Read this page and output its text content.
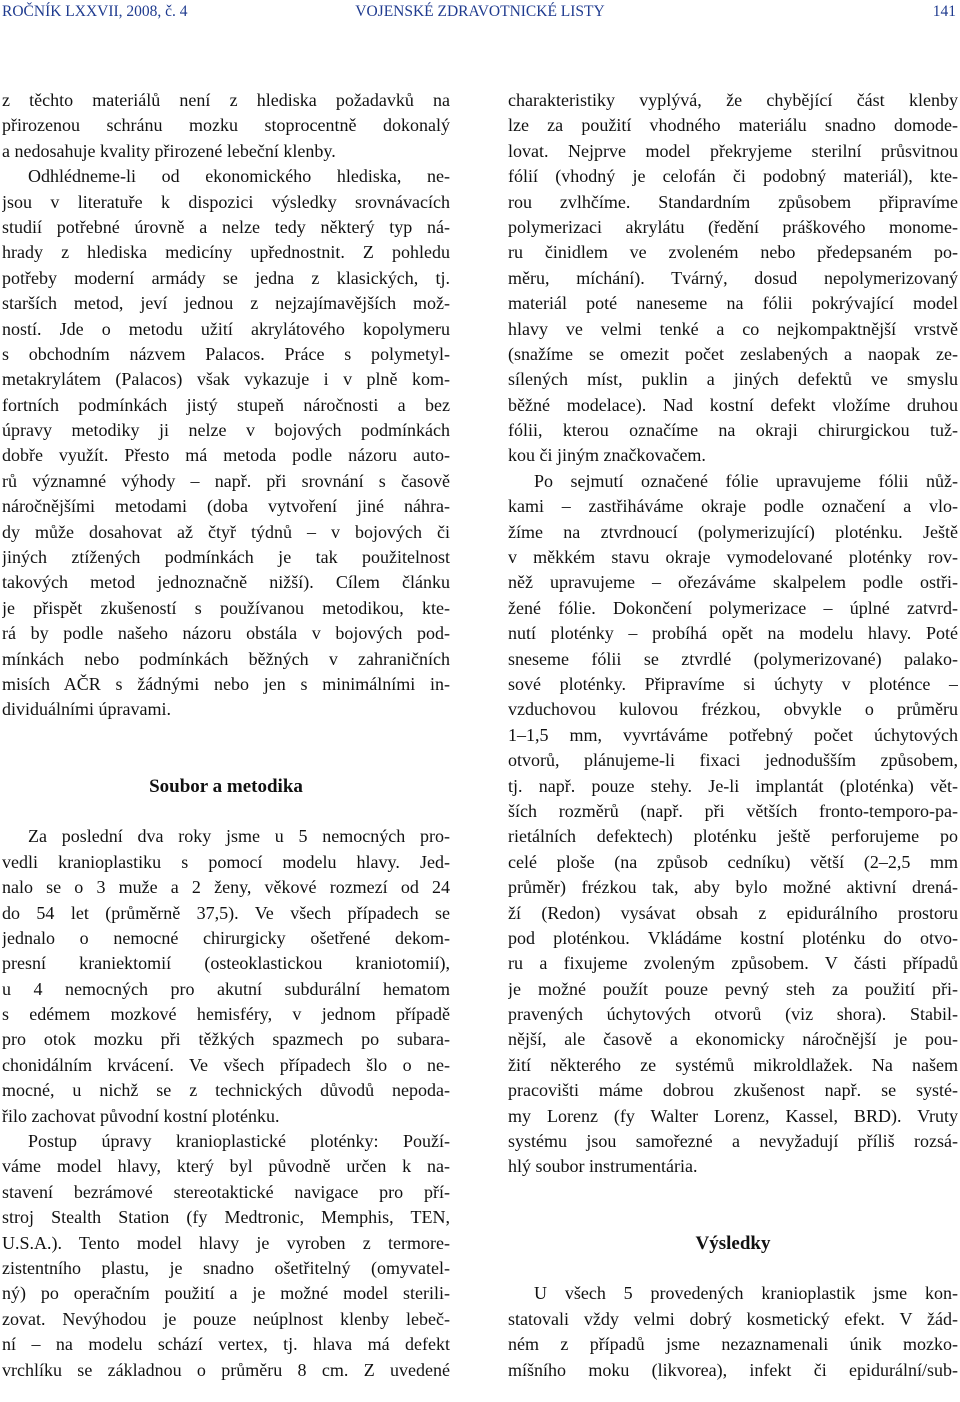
ROČNÍK LXXVII, 2008, č. 4	VOJENSKÉ ZDRAVOTNICKÉ LISTY	141
z těchto materiálů není z hlediska požadavků na
přirozenou schránu mozku stoprocentně dokonalý
a nedosahuje kvality přirozené lebeční klenby.
Odhlédneme-li od ekonomického hlediska, ne-
jsou v literatuře k dispozici výsledky srovnávacích
studií potřebné úrovně a nelze tedy některý typ ná-
hrady z hlediska medicíny upřednostnit. Z pohledu
potřeby moderní armády se jedna z klasických, tj.
starších metod, jeví jednou z nejzajímavějších mož-
ností. Jde o metodu užití akrylátového kopolymeru
s obchodním názvem Palacos. Práce s polymetyl-
metakrylátem (Palacos) však vykazuje i v plně kom-
fortních podmínkách jistý stupeň náročnosti a bez
úpravy metodiky ji nelze v bojových podmínkách
dobře využít. Přesto má metoda podle názoru auto-
rů významné výhody – např. při srovnání s časově
náročnějšími metodami (doba vytvoření jiné náhra-
dy může dosahovat až čtyř týdnů – v bojových či
jiných ztížených podmínkách je tak použitelnost
takových metod jednoznačně nižší). Cílem článku
je přispět zkušeností s používanou metodikou, kte-
rá by podle našeho názoru obstála v bojových pod-
mínkách nebo podmínkách běžných v zahraničních
misích AČR s žádnými nebo jen s minimálními in-
dividuálními úpravami.
Soubor a metodika
Za poslední dva roky jsme u 5 nemocných pro-
vedli kranioplastiku s pomocí modelu hlavy. Jed-
nalo se o 3 muže a 2 ženy, věkové rozmezí od 24
do 54 let (průměrně 37,5). Ve všech případech se
jednalo o nemocné chirurgicky ošetřené dekom-
presní kraniektomií (osteoklastickou kraniotomií),
u 4 nemocných pro akutní subdurální hematom
s edémem mozkové hemisféry, v jednom případě
pro otok mozku při těžkých spazmech po subara-
chonidálním krvácení. Ve všech případech šlo o ne-
mocné, u nichž se z technických důvodů nepoda-
řilo zachovat původní kostní ploténku.
Postup úpravy kranioplastické ploténky: Použí-
váme model hlavy, který byl původně určen k na-
stavení bezrámové stereotaktické navigace pro pří-
stroj Stealth Station (fy Medtronic, Memphis, TEN,
U.S.A.). Tento model hlavy je vyroben z termore-
zistentního plastu, je snadno ošetřitelný (omyvatel-
ný) po operačním použití a je možné model sterili-
zovat. Nevýhodou je pouze neúplnost klenby lebeč-
ní – na modelu schází vertex, tj. hlava má defekt
vrchlíku se základnou o průměru 8 cm. Z uvedené
charakteristiky vyplývá, že chybějící část klenby
lze za použití vhodného materiálu snadno domode-
lovat. Nejprve model překryjeme sterilní průsvitnou
fólií (vhodný je celofán či podobný materiál), kte-
rou zvlhčíme. Standardním způsobem připravíme
polymerizaci akrylátu (ředění práškového monome-
ru činidlem ve zvoleném nebo předepsaném po-
měru, míchání). Tvárný, dosud nepolymerizovaný
materiál poté naneseme na fólii pokrývající model
hlavy ve velmi tenké a co nejkompaktnější vrstvě
(snažíme se omezit počet zeslabených a naopak ze-
sílených míst, puklin a jiných defektů ve smyslu
běžné modelace). Nad kostní defekt vložíme druhou
fólii, kterou označíme na okraji chirurgickou tuž-
kou či jiným značkovačem.
Po sejmutí označené fólie upravujeme fólii nůž-
kami – zastřiháváme okraje podle označení a vlo-
žíme na ztvrdnoucí (polymerizující) ploténku. Ještě
v měkkém stavu okraje vymodelované ploténky rov-
něž upravujeme – ořezáváme skalpelem podle ostři-
žené fólie. Dokončení polymerizace – úplné zatvrd-
nutí ploténky – probíhá opět na modelu hlavy. Poté
sneseme fólii se ztvrdlé (polymerizované) palako-
sové ploténky. Připravíme si úchyty v ploténce –
vzduchovou kulovou frézkou, obvykle o průměru
1–1,5 mm, vyvrtáváme potřebný počet úchytových
otvorů, plánujeme-li fixaci jednodušším způsobem,
tj. např. pouze stehy. Je-li implantát (ploténka) vět-
ších rozměrů (např. při větších fronto-temporo-pa-
rietálních defektech) ploténku ještě perforujeme po
celé ploše (na způsob cedníku) větší (2–2,5 mm
průměr) frézkou tak, aby bylo možné aktivní drená-
ží (Redon) vysávat obsah z epidurálního prostoru
pod ploténkou. Vkládáme kostní ploténku do otvo-
ru a fixujeme zvoleným způsobem. V části případů
je možné použít pouze pevný steh za použití při-
pravených úchytových otvorů (viz shora). Stabil-
nější, ale časově a ekonomicky náročnější je pou-
žití některého ze systémů mikroldlažek. Na našem
pracovišti máme dobrou zkušenost např. se systé-
my Lorenz (fy Walter Lorenz, Kassel, BRD). Vruty
systému jsou samořezné a nevyžadují příliš rozsá-
hlý soubor instrumentária.
Výsledky
U všech 5 provedených kranioplastik jsme kon-
statovali vždy velmi dobrý kosmetický efekt. V žád-
ném z případů jsme nezaznamenali únik mozko-
míšního moku (likvorea), infekt či epidurální/sub-
